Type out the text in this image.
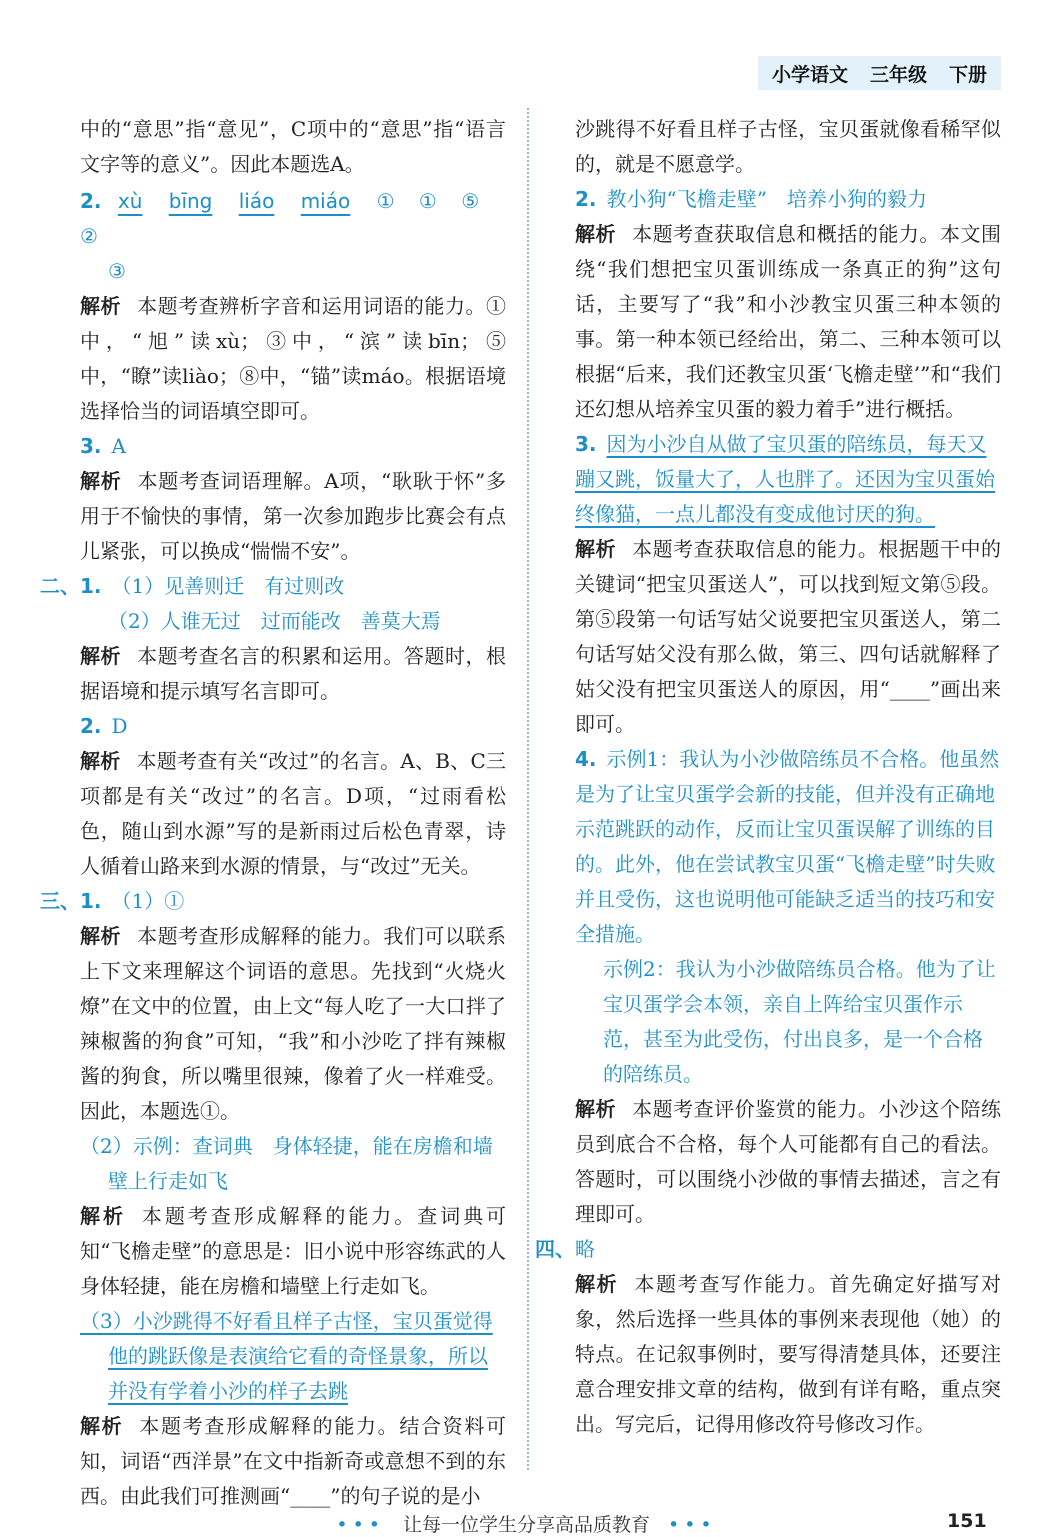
小学语文 三年级 下册

中的“意思”指“意见”，C项中的“意思”指“语言文字等的意义”。因此本题选A。

2. xù bīng liáo miáo ① ① ⑤ ②

③

解析 本题考查辨析字音和运用词语的能力。①中，“旭”读xù；③中，“滨”读bīn；⑤中，“瞭”读liào；⑧中，“锚”读máo。根据语境选择恰当的词语填空即可。

3. A

解析 本题考查词语理解。A项，“耿耿于怀”多用于不愉快的事情，第一次参加跑步比赛会有点儿紧张，可以换成“惴惴不安”。

二、1. （1）见善则迁　有过则改

（2）人谁无过　过而能改　善莫大焉

解析 本题考查名言的积累和运用。答题时，根据语境和提示填写名言即可。

2. D

解析 本题考查有关“改过”的名言。A、B、C三项都是有关“改过”的名言。D项，“过雨看松色，随山到水源”写的是新雨过后松色青翠，诗人循着山路来到水源的情景，与“改过”无关。

三、1. （1）①

解析 本题考查形成解释的能力。我们可以联系上下文来理解这个词语的意思。先找到“火烧火燎”在文中的位置，由上文“每人吃了一大口拌了辣椒酱的狗食”可知，“我”和小沙吃了拌有辣椒酱的狗食，所以嘴里很辣，像着了火一样难受。因此，本题选①。

（2）示例：查词典　身体轻捷，能在房檐和墙壁上行走如飞

解析 本题考查形成解释的能力。查词典可知“飞檐走壁”的意思是：旧小说中形容练武的人身体轻捷，能在房檐和墙壁上行走如飞。

（3）小沙跳得不好看且样子古怪，宝贝蛋觉得他的跳跃像是表演给它看的奇怪景象，所以并没有学着小沙的样子去跳

解析 本题考查形成解释的能力。结合资料可知，词语“西洋景”在文中指新奇或意想不到的东西。由此我们可推测画“____”的句子说的是小

沙跳得不好看且样子古怪，宝贝蛋就像看稀罕似的，就是不愿意学。

2. 教小狗“飞檐走壁”　培养小狗的毅力

解析 本题考查获取信息和概括的能力。本文围绕“我们想把宝贝蛋训练成一条真正的狗”这句话，主要写了“我”和小沙教宝贝蛋三种本领的事。第一种本领已经给出，第二、三种本领可以根据“后来，我们还教宝贝蛋‘飞檐走壁’”和“我们还幻想从培养宝贝蛋的毅力着手”进行概括。

3. 因为小沙自从做了宝贝蛋的陪练员，每天又蹦又跳，饭量大了，人也胖了。还因为宝贝蛋始终像猫，一点儿都没有变成他讨厌的狗。

解析 本题考查获取信息的能力。根据题干中的关键词“把宝贝蛋送人”，可以找到短文第⑤段。第⑤段第一句话写姑父说要把宝贝蛋送人，第二句话写姑父没有那么做，第三、四句话就解释了姑父没有把宝贝蛋送人的原因，用“____”画出来即可。

4. 示例1：我认为小沙做陪练员不合格。他虽然是为了让宝贝蛋学会新的技能，但并没有正确地示范跳跃的动作，反而让宝贝蛋误解了训练的目的。此外，他在尝试教宝贝蛋“飞檐走壁”时失败并且受伤，这也说明他可能缺乏适当的技巧和安全措施。

示例2：我认为小沙做陪练员合格。他为了让宝贝蛋学会本领，亲自上阵给宝贝蛋作示范，甚至为此受伤，付出良多，是一个合格的陪练员。

解析 本题考查评价鉴赏的能力。小沙这个陪练员到底合不合格，每个人可能都有自己的看法。答题时，可以围绕小沙做的事情去描述，言之有理即可。

四、略

解析 本题考查写作能力。首先确定好描写对象，然后选择一些具体的事例来表现他（她）的特点。在记叙事例时，要写得清楚具体，还要注意合理安排文章的结构，做到有详有略，重点突出。写完后，记得用修改符号修改习作。

••• 让每一位学生分享高品质教育 •••	151
